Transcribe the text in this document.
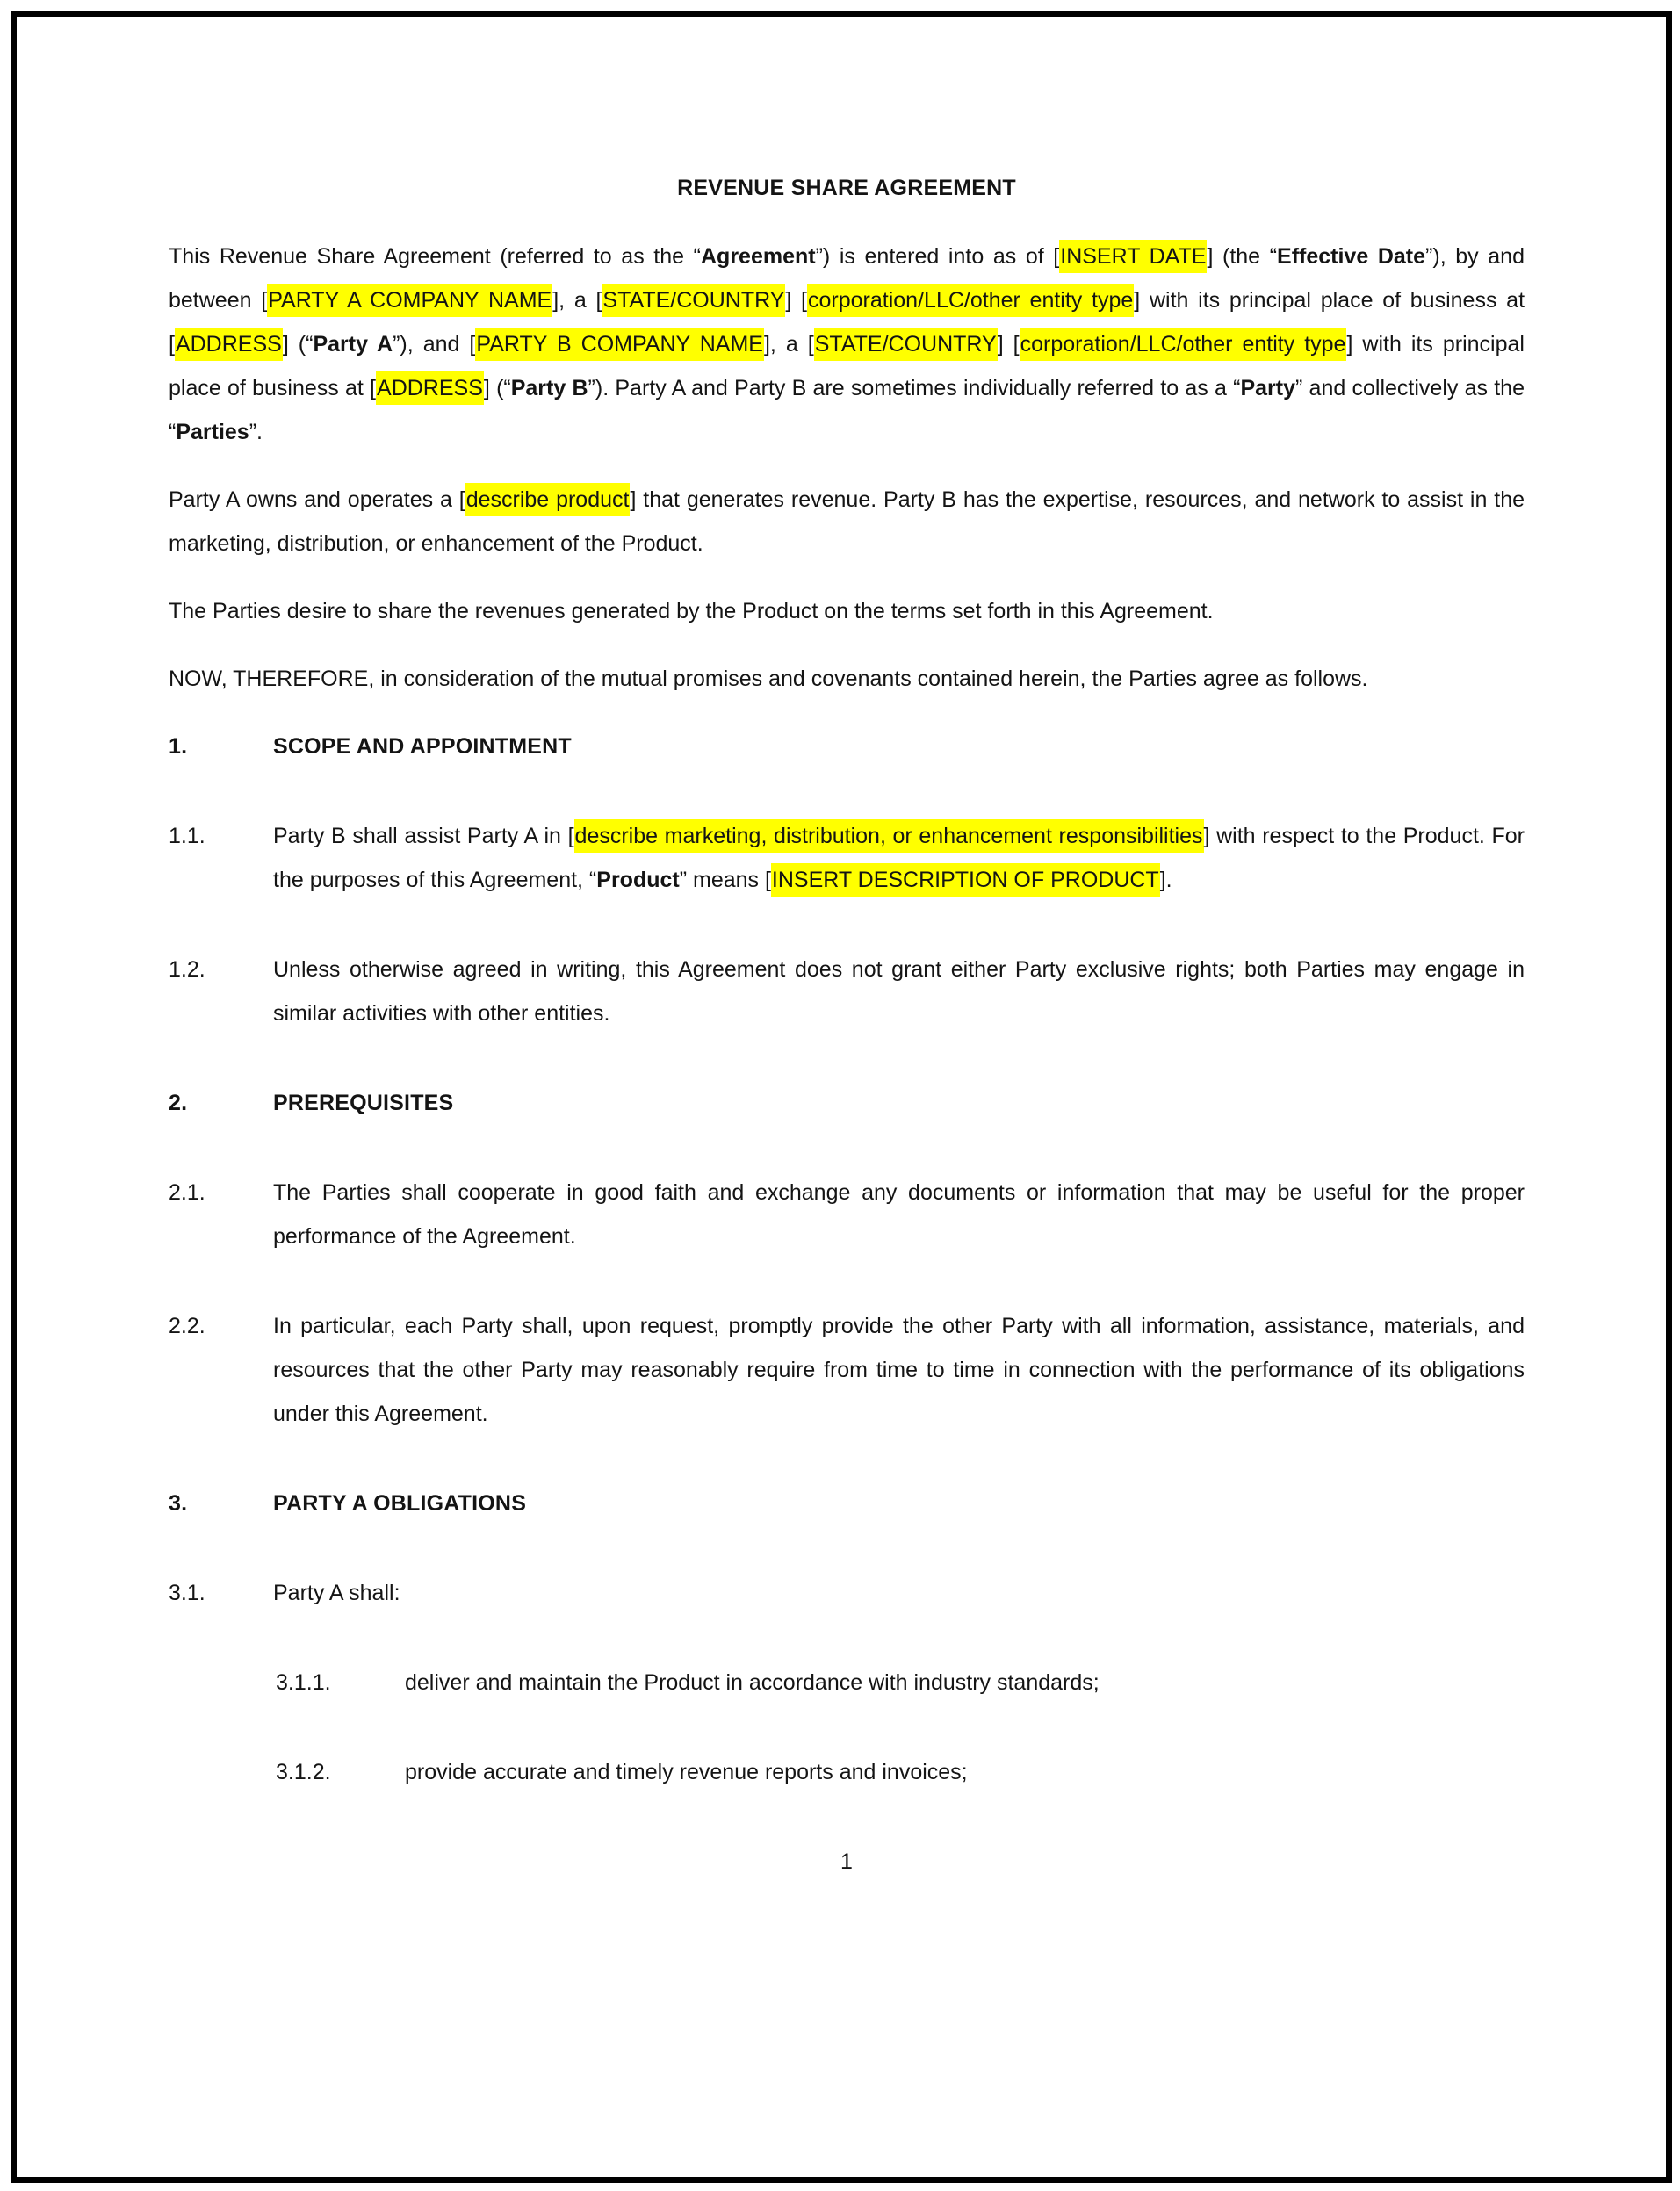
REVENUE SHARE AGREEMENT

This Revenue Share Agreement (referred to as the “Agreement”) is entered into as of [INSERT DATE] (the “Effective Date”), by and between [PARTY A COMPANY NAME], a [STATE/COUNTRY] [corporation/LLC/other entity type] with its principal place of business at [ADDRESS] (“Party A”), and [PARTY B COMPANY NAME], a [STATE/COUNTRY] [corporation/LLC/other entity type] with its principal place of business at [ADDRESS] (“Party B”). Party A and Party B are sometimes individually referred to as a “Party” and collectively as the “Parties”.

Party A owns and operates a [describe product] that generates revenue. Party B has the expertise, resources, and network to assist in the marketing, distribution, or enhancement of the Product.

The Parties desire to share the revenues generated by the Product on the terms set forth in this Agreement.

NOW, THEREFORE, in consideration of the mutual promises and covenants contained herein, the Parties agree as follows.

1.	SCOPE AND APPOINTMENT
1.1.	Party B shall assist Party A in [describe marketing, distribution, or enhancement responsibilities] with respect to the Product. For the purposes of this Agreement, “Product” means [INSERT DESCRIPTION OF PRODUCT].
1.2.	Unless otherwise agreed in writing, this Agreement does not grant either Party exclusive rights; both Parties may engage in similar activities with other entities.
2.	PREREQUISITES
2.1.	The Parties shall cooperate in good faith and exchange any documents or information that may be useful for the proper performance of the Agreement.
2.2.	In particular, each Party shall, upon request, promptly provide the other Party with all information, assistance, materials, and resources that the other Party may reasonably require from time to time in connection with the performance of its obligations under this Agreement.
3.	PARTY A OBLIGATIONS
3.1.	Party A shall:
3.1.1.	deliver and maintain the Product in accordance with industry standards;
3.1.2.	provide accurate and timely revenue reports and invoices;
1
